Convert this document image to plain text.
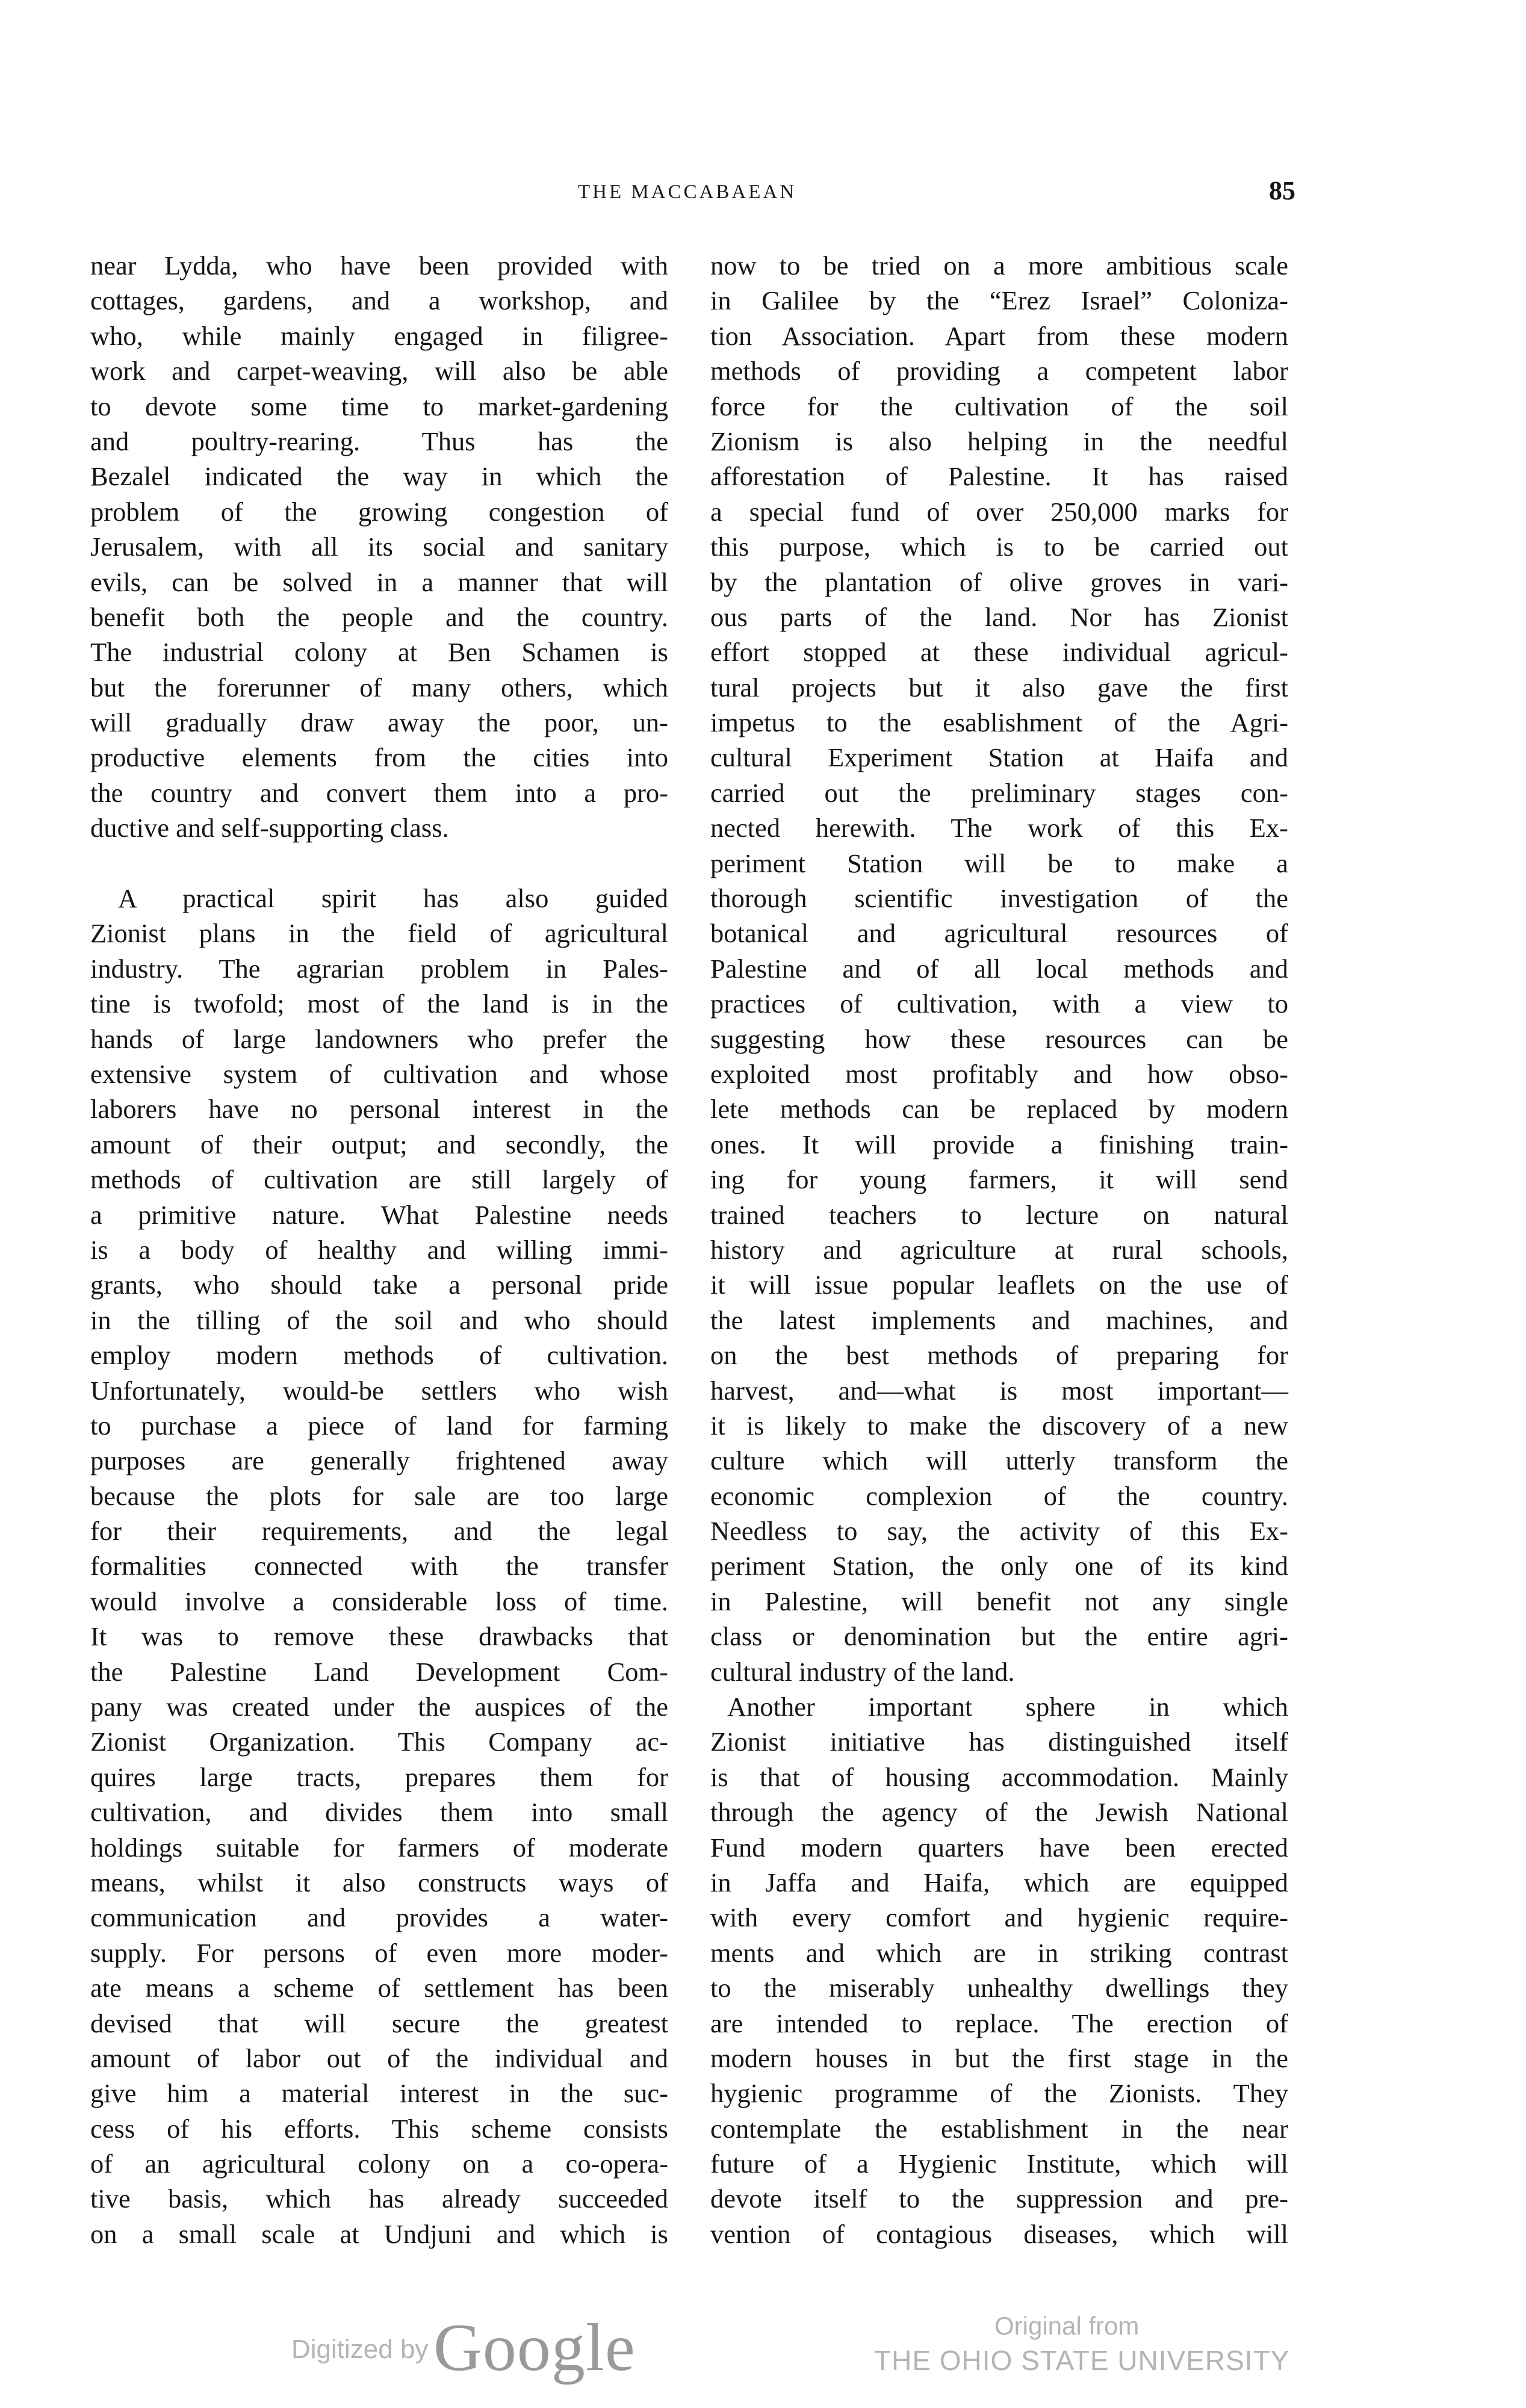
THE MACCABAEAN	85
near Lydda, who have been provided with
cottages, gardens, and a workshop, and
who, while mainly engaged in filigree-
work and carpet-weaving, will also be able
to devote some time to market-gardening
and poultry-rearing. Thus has the
Bezalel indicated the way in which the
problem of the growing congestion of
Jerusalem, with all its social and sanitary
evils, can be solved in a manner that will
benefit both the people and the country.
The industrial colony at Ben Schamen is
but the forerunner of many others, which
will gradually draw away the poor, un-
productive elements from the cities into
the country and convert them into a pro-
ductive and self-supporting class.
A practical spirit has also guided
Zionist plans in the field of agricultural
industry. The agrarian problem in Pales-
tine is twofold; most of the land is in the
hands of large landowners who prefer the
extensive system of cultivation and whose
laborers have no personal interest in the
amount of their output; and secondly, the
methods of cultivation are still largely of
a primitive nature. What Palestine needs
is a body of healthy and willing immi-
grants, who should take a personal pride
in the tilling of the soil and who should
employ modern methods of cultivation.
Unfortunately, would-be settlers who wish
to purchase a piece of land for farming
purposes are generally frightened away
because the plots for sale are too large
for their requirements, and the legal
formalities connected with the transfer
would involve a considerable loss of time.
It was to remove these drawbacks that
the Palestine Land Development Com-
pany was created under the auspices of the
Zionist Organization. This Company ac-
quires large tracts, prepares them for
cultivation, and divides them into small
holdings suitable for farmers of moderate
means, whilst it also constructs ways of
communication and provides a water-
supply. For persons of even more moder-
ate means a scheme of settlement has been
devised that will secure the greatest
amount of labor out of the individual and
give him a material interest in the suc-
cess of his efforts. This scheme consists
of an agricultural colony on a co-opera-
tive basis, which has already succeeded
on a small scale at Undjuni and which is
now to be tried on a more ambitious scale
in Galilee by the “Erez Israel” Coloniza-
tion Association. Apart from these modern
methods of providing a competent labor
force for the cultivation of the soil
Zionism is also helping in the needful
afforestation of Palestine. It has raised
a special fund of over 250,000 marks for
this purpose, which is to be carried out
by the plantation of olive groves in vari-
ous parts of the land. Nor has Zionist
effort stopped at these individual agricul-
tural projects but it also gave the first
impetus to the esablishment of the Agri-
cultural Experiment Station at Haifa and
carried out the preliminary stages con-
nected herewith. The work of this Ex-
periment Station will be to make a
thorough scientific investigation of the
botanical and agricultural resources of
Palestine and of all local methods and
practices of cultivation, with a view to
suggesting how these resources can be
exploited most profitably and how obso-
lete methods can be replaced by modern
ones. It will provide a finishing train-
ing for young farmers, it will send
trained teachers to lecture on natural
history and agriculture at rural schools,
it will issue popular leaflets on the use of
the latest implements and machines, and
on the best methods of preparing for
harvest, and—what is most important—
it is likely to make the discovery of a new
culture which will utterly transform the
economic complexion of the country.
Needless to say, the activity of this Ex-
periment Station, the only one of its kind
in Palestine, will benefit not any single
class or denomination but the entire agri-
cultural industry of the land.
Another important sphere in which
Zionist initiative has distinguished itself
is that of housing accommodation. Mainly
through the agency of the Jewish National
Fund modern quarters have been erected
in Jaffa and Haifa, which are equipped
with every comfort and hygienic require-
ments and which are in striking contrast
to the miserably unhealthy dwellings they
are intended to replace. The erection of
modern houses in but the first stage in the
hygienic programme of the Zionists. They
contemplate the establishment in the near
future of a Hygienic Institute, which will
devote itself to the suppression and pre-
vention of contagious diseases, which will
Digitized by Google	Original from
THE OHIO STATE UNIVERSITY
